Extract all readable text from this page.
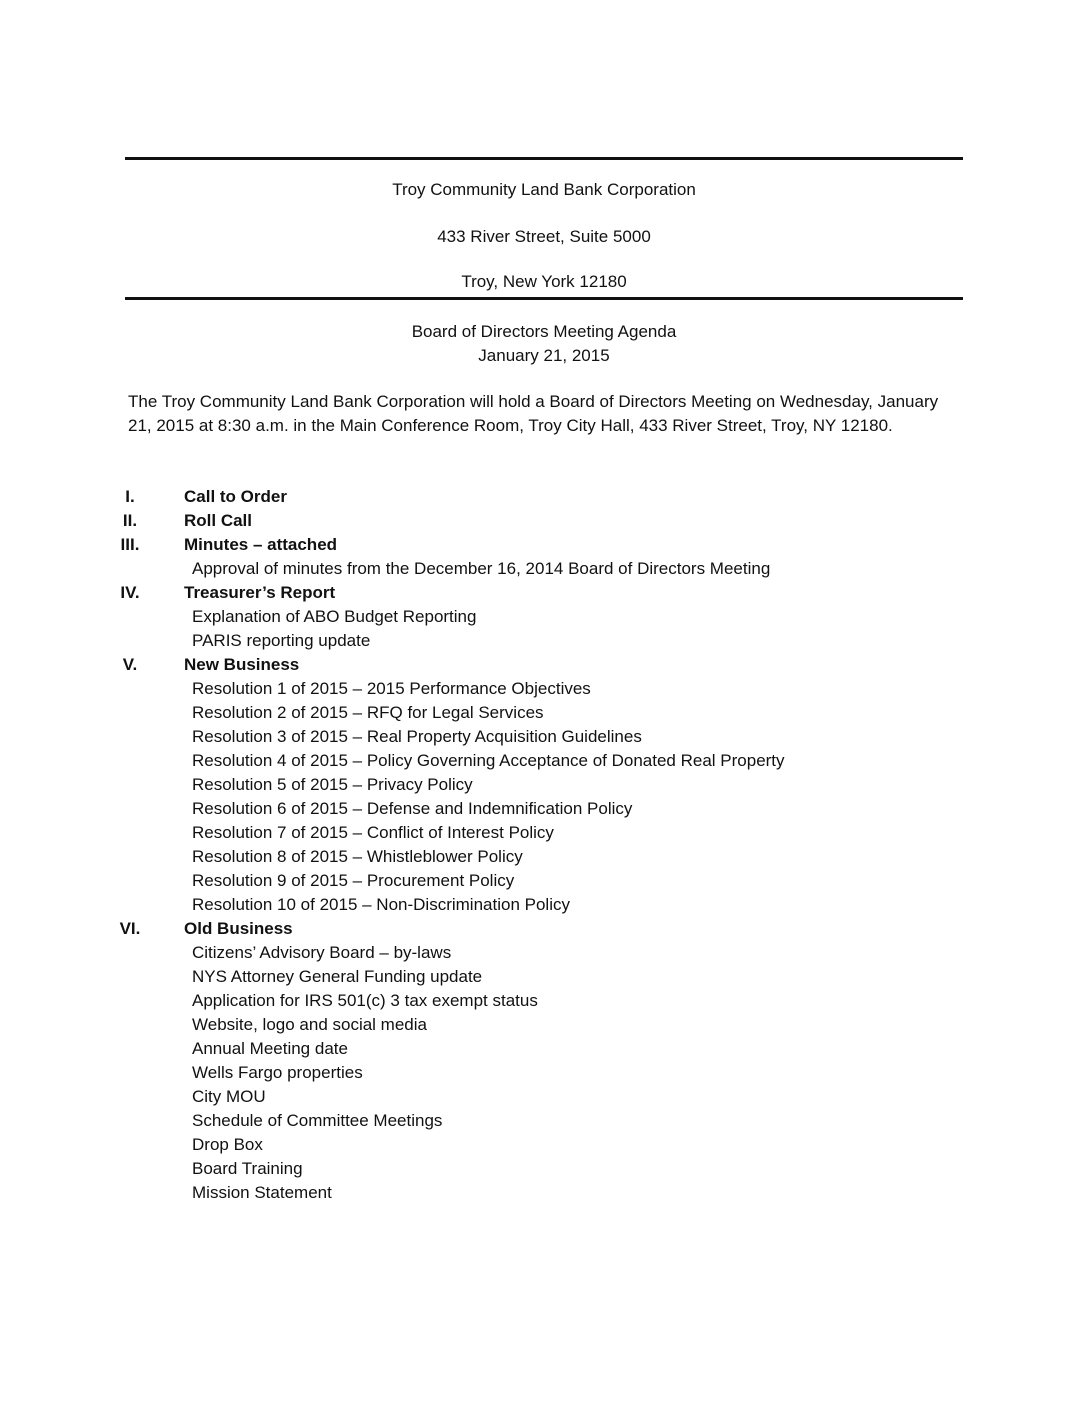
Troy Community Land Bank Corporation
433 River Street, Suite 5000
Troy, New York 12180
Board of Directors Meeting Agenda
January 21, 2015
The Troy Community Land Bank Corporation will hold a Board of Directors Meeting on Wednesday, January 21, 2015 at 8:30 a.m. in the Main Conference Room, Troy City Hall, 433 River Street, Troy, NY 12180.
I.	Call to Order
II.	Roll Call
III.	Minutes – attached
Approval of minutes from the December 16, 2014 Board of Directors Meeting
IV.	Treasurer’s Report
Explanation of ABO Budget Reporting
PARIS reporting update
V.	New Business
Resolution 1 of 2015 – 2015 Performance Objectives
Resolution 2 of 2015 – RFQ for Legal Services
Resolution 3 of 2015 – Real Property Acquisition Guidelines
Resolution 4 of 2015 – Policy Governing Acceptance of Donated Real Property
Resolution 5 of 2015 – Privacy Policy
Resolution 6 of 2015 – Defense and Indemnification Policy
Resolution 7 of 2015 – Conflict of Interest Policy
Resolution 8 of 2015 – Whistleblower Policy
Resolution 9 of 2015 – Procurement Policy
Resolution 10 of 2015 – Non-Discrimination Policy
VI.	Old Business
Citizens’ Advisory Board – by-laws
NYS Attorney General Funding update
Application for IRS 501(c) 3 tax exempt status
Website, logo and social media
Annual Meeting date
Wells Fargo properties
City MOU
Schedule of Committee Meetings
Drop Box
Board Training
Mission Statement
